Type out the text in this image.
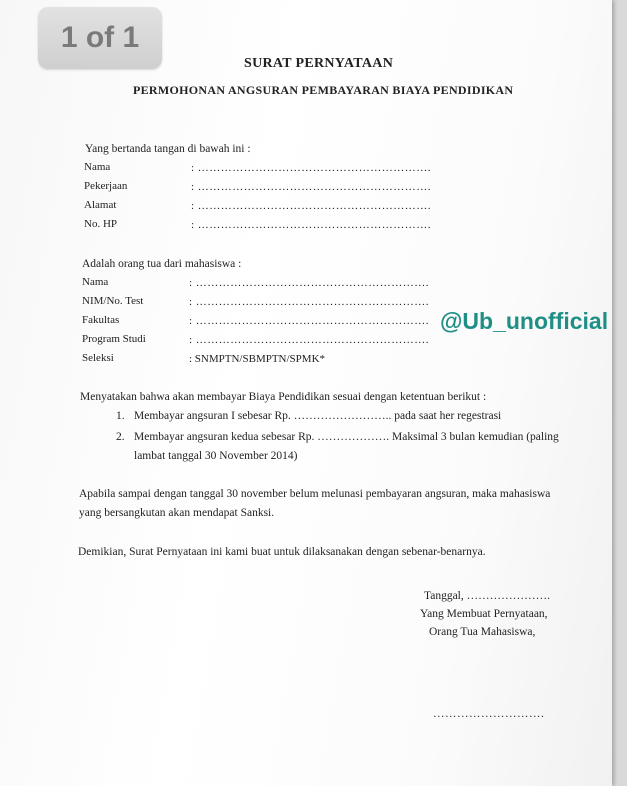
1 of 1
SURAT PERNYATAAN
PERMOHONAN ANGSURAN PEMBAYARAN BIAYA PENDIDIKAN
Yang bertanda tangan di bawah ini :
Nama	: …………………………………………………….
Pekerjaan	: …………………………………………………….
Alamat	: …………………………………………………….
No. HP	: …………………………………………………….
Adalah orang tua dari mahasiswa :
Nama	: …………………………………………………….
NIM/No. Test	: …………………………………………………….
Fakultas	: …………………………………………………….
Program Studi	: …………………………………………………….
Seleksi	: SNMPTN/SBMPTN/SPMK*
@Ub_unofficial
Menyatakan bahwa akan membayar Biaya Pendidikan sesuai dengan ketentuan berikut :
1. Membayar angsuran I sebesar Rp. …………………….. pada saat her regestrasi
2. Membayar angsuran kedua sebesar Rp. ………………. Maksimal 3 bulan kemudian (paling
lambat tanggal 30 November 2014)
Apabila sampai dengan tanggal 30 november belum melunasi pembayaran angsuran, maka mahasiswa
yang bersangkutan akan mendapat Sanksi.
Demikian, Surat Pernyataan ini kami buat untuk dilaksanakan dengan sebenar-benarnya.
Tanggal, ………………….
Yang Membuat Pernyataan,
Orang Tua Mahasiswa,
……………………….
